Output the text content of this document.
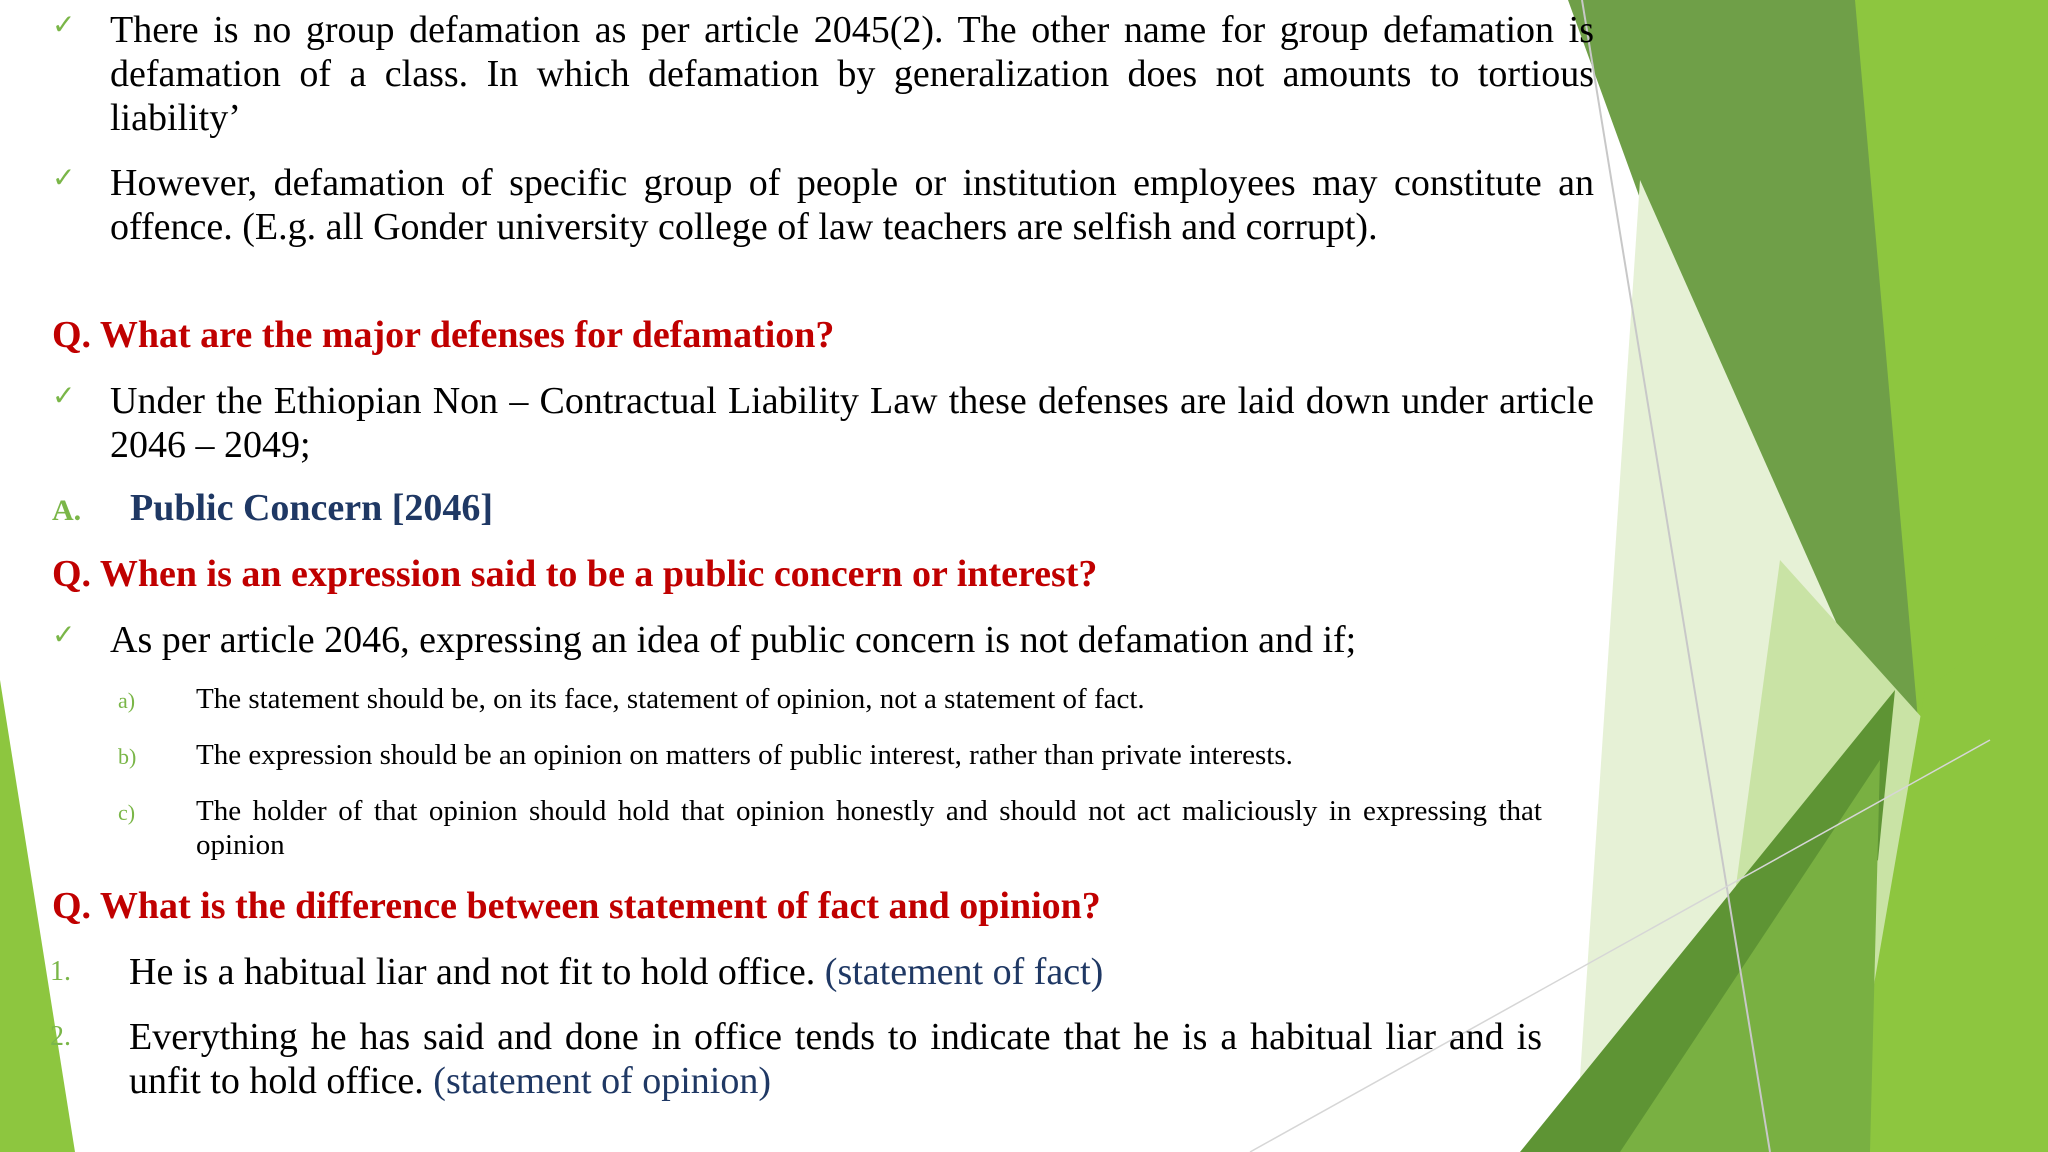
✓ There is no group defamation as per article 2045(2). The other name for group defamation is defamation of a class. In which defamation by generalization does not amounts to tortious liability’
✓ However, defamation of specific group of people or institution employees may constitute an offence. (E.g. all Gonder university college of law teachers are selfish and corrupt).
Q. What are the major defenses for defamation?
✓ Under the Ethiopian Non – Contractual Liability Law these defenses are laid down under article 2046 – 2049;
A. Public Concern [2046]
Q. When is an expression said to be a public concern or interest?
✓ As per article 2046, expressing an idea of public concern is not defamation and if;
a) The statement should be, on its face, statement of opinion, not a statement of fact.
b) The expression should be an opinion on matters of public interest, rather than private interests.
c) The holder of that opinion should hold that opinion honestly and should not act maliciously in expressing that opinion
Q. What is the difference between statement of fact and opinion?
1. He is a habitual liar and not fit to hold office. (statement of fact)
2. Everything he has said and done in office tends to indicate that he is a habitual liar and is unfit to hold office. (statement of opinion)
